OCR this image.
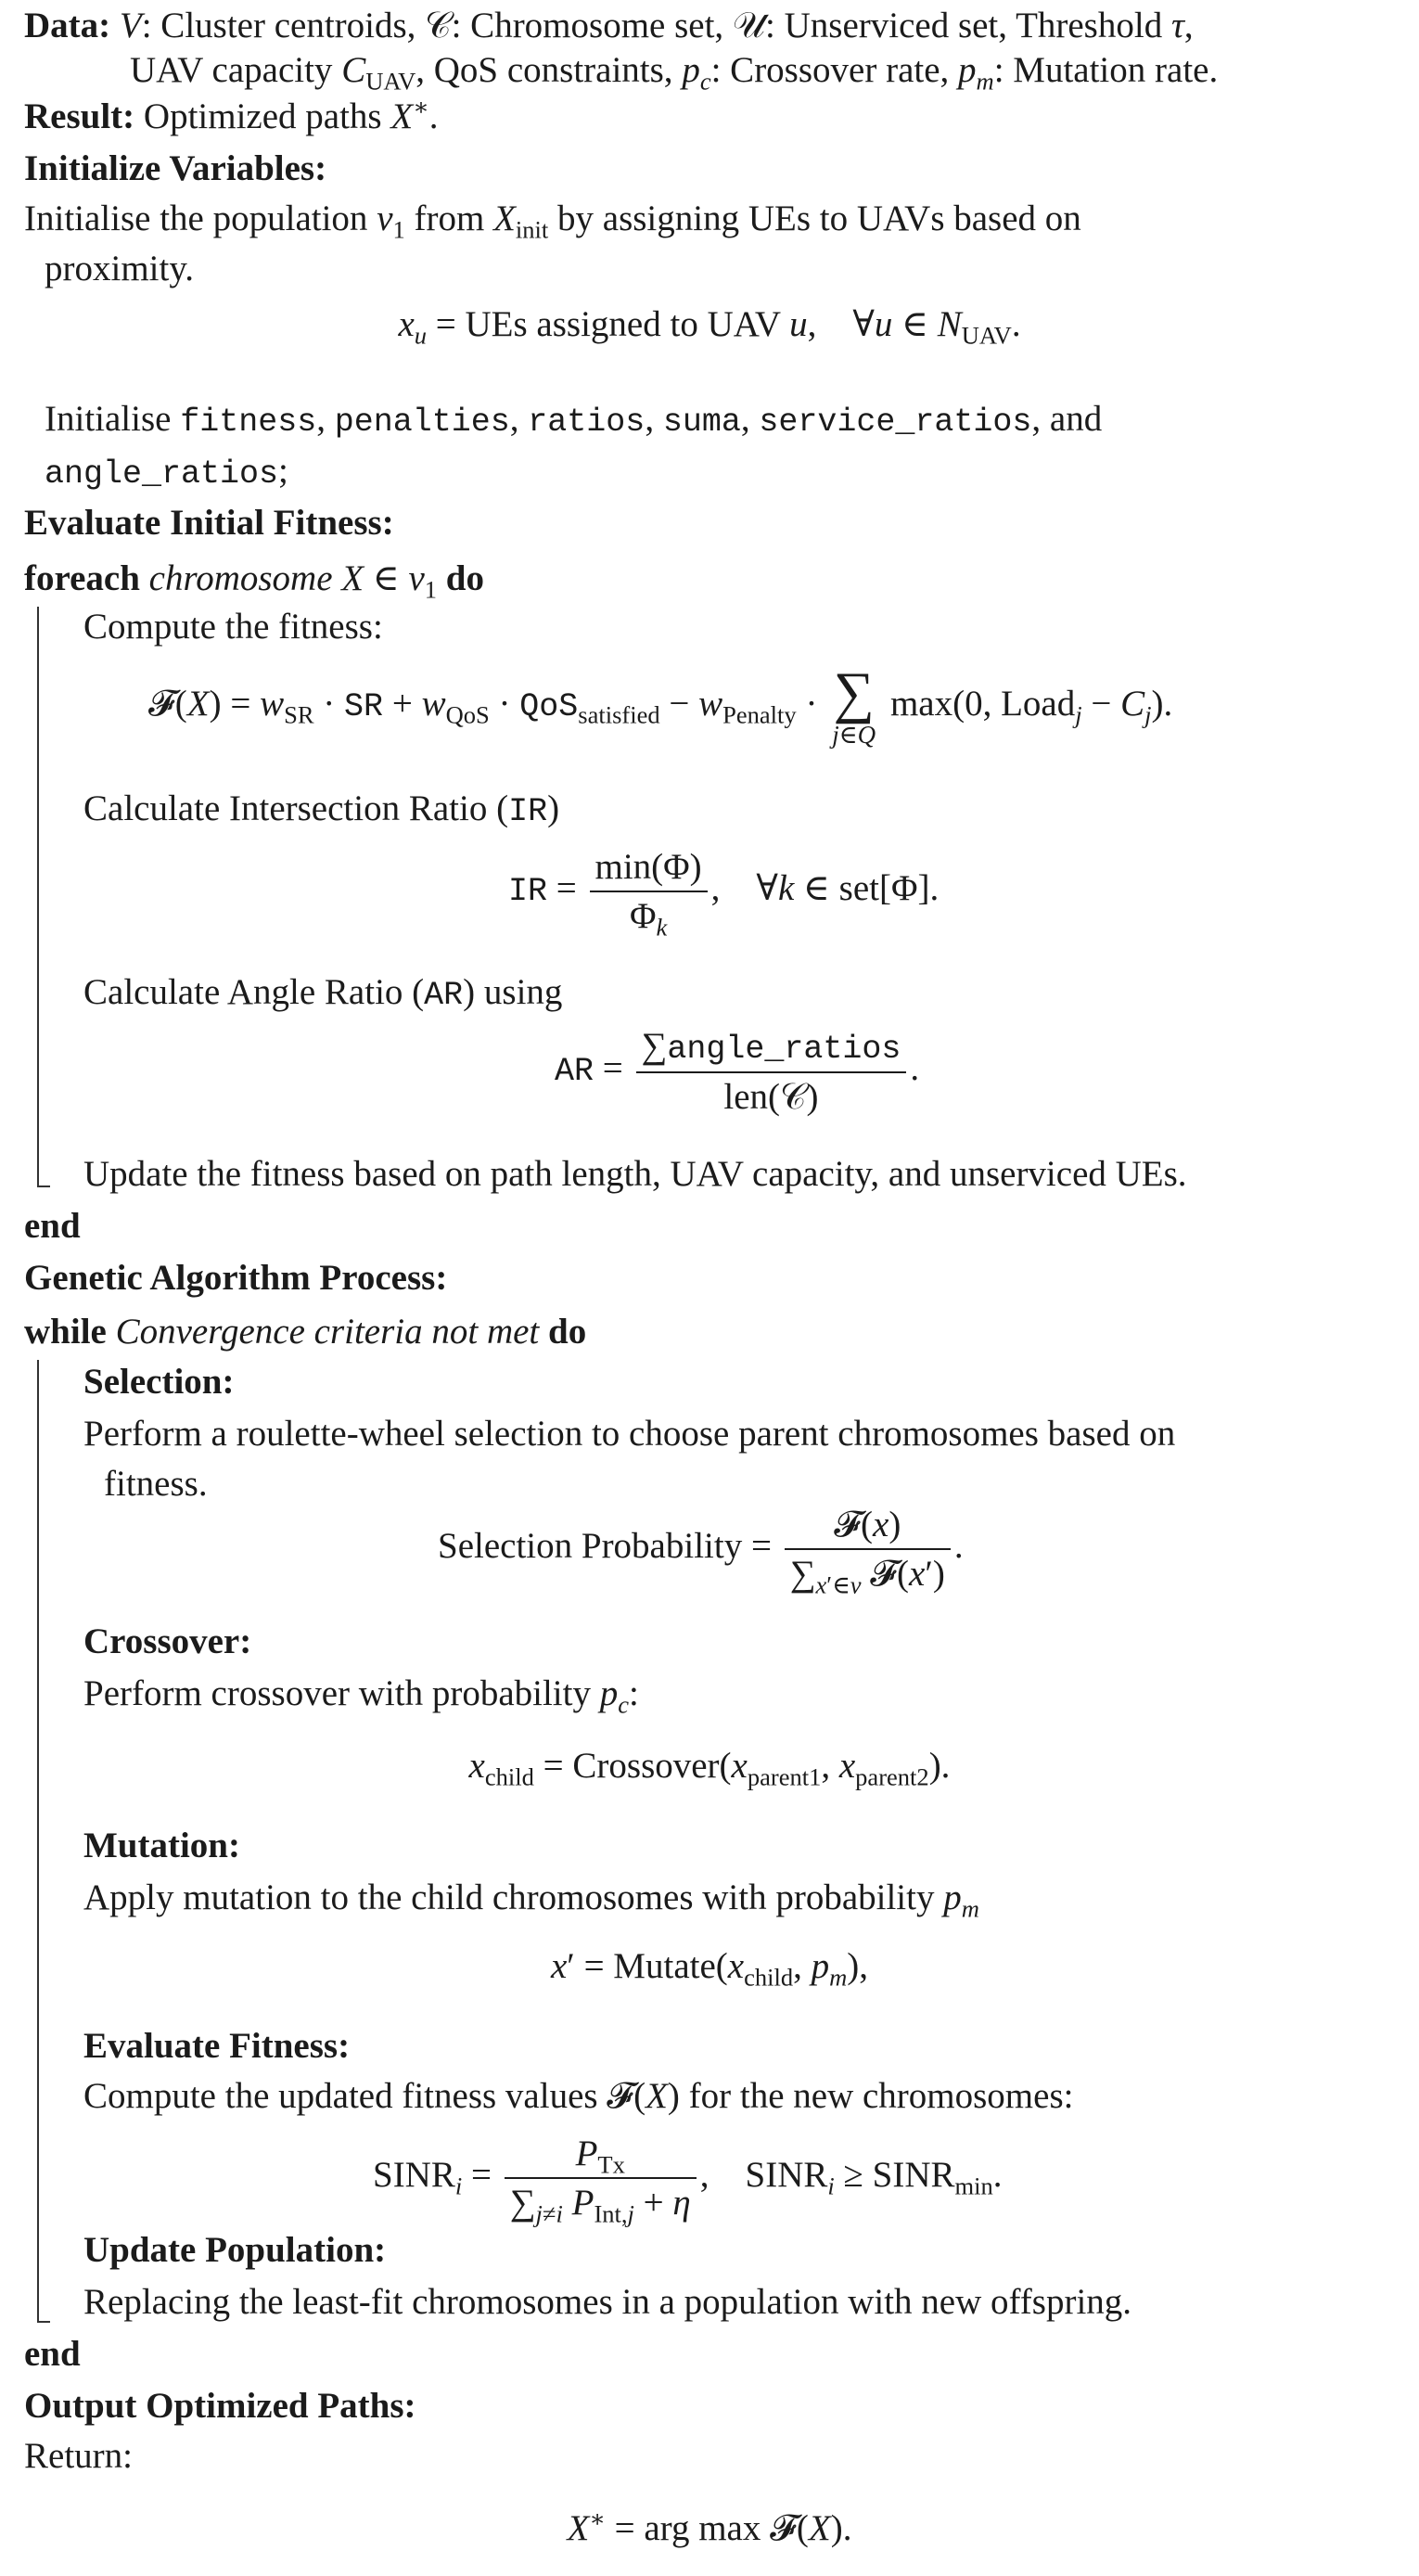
Data: V: Cluster centroids, 𝒞: Chromosome set, 𝒰: Unserviced set, Threshold τ,
UAV capacity $C_{UAV}$, QoS constraints, $p_c$: Crossover rate, $p_m$: Mutation rate.
Result: Optimized paths X∗.
Initialize Variables:
Initialise the population $\nu_1$ from $X_{init}$ by assigning UEs to UAVs based on
proximity.
$x_u$ = UEs assigned to UAV u,    ∀u ∈ $N_{UAV}$.
Initialise fitness, penalties, ratios, suma, service_ratios, and
angle_ratios;
Evaluate Initial Fitness:
foreach chromosome X ∈ $\nu_1$ do
Compute the fitness:
𝓕(X) = $w_{SR}$ · SR + $w_{QoS} \cdot QoS_{satisfied} - w_{Penalty}$ · ∑
j∈Q
max(0, Load$_j$ − $C_j$).
Calculate Intersection Ratio (IR)
IR = $\frac{\min(\Phi)}{\Phi_k}$ ,    ∀k ∈ set[Φ].
Calculate Angle Ratio (AR) using
AR = $\frac{\text{∑angle\_ratios}}{\text{len(𝒞)}}$ .
Update the fitness based on path length, UAV capacity, and unserviced UEs.
end
Genetic Algorithm Process:
while Convergence criteria not met do
Selection:
Perform a roulette-wheel selection to choose parent chromosomes based on
fitness.
Selection Probability = $\frac{\text{𝓕(x)}}{\sum_{x'\in\nu} 𝓕(x')}$ .
Crossover:
Perform crossover with probability $p_c$:
$x_{child}$ = $Crossover(x_{parent1}$, $x_{parent2}$).
Mutation:
Apply mutation to the child chromosomes with probability $p_m$
$x' = Mutate(x_{child}$, $p_m$),
Evaluate Fitness:
Compute the updated fitness values 𝓕(X) for the new chromosomes:
$SINR_i = \frac{P_{Tx}}{\sum_{j\ne i} P_{Int,j} + \eta}$ ,    $SINR_i$ ≥ $SINR_{min}$.
Update Population:
Replacing the least-fit chromosomes in a population with new offspring.
end
Output Optimized Paths:
Return:
X∗ = arg max 𝓕(X).
